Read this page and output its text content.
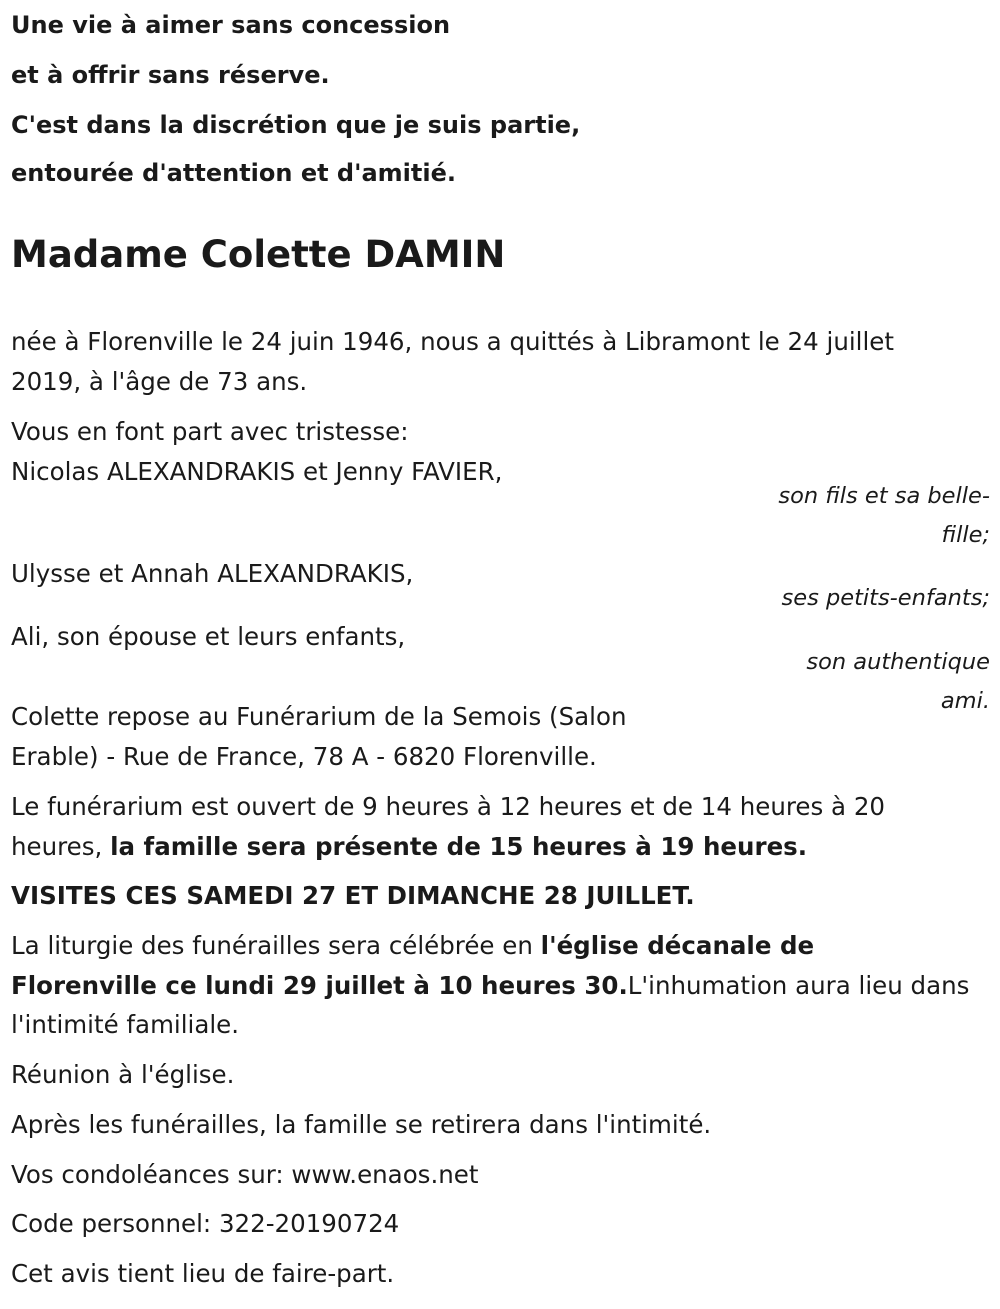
Une vie à aimer sans concession

et à offrir sans réserve.

C'est dans la discrétion que je suis partie,

entourée d'attention et d'amitié.

Madame Colette DAMIN

née à Florenville le 24 juin 1946, nous a quittés à Libramont le 24 juillet

2019, à l'âge de 73 ans.

Vous en font part avec tristesse:

Nicolas ALEXANDRAKIS et Jenny FAVIER,

son fils et sa belle-
fille;

Ulysse et Annah ALEXANDRAKIS,

ses petits-enfants;

Ali, son épouse et leurs enfants,

son authentique
ami.

Colette repose au Funérarium de la Semois (Salon

Erable) - Rue de France, 78 A - 6820 Florenville.

Le funérarium est ouvert de 9 heures à 12 heures et de 14 heures à 20

heures, la famille sera présente de 15 heures à 19 heures.

VISITES CES SAMEDI 27 ET DIMANCHE 28 JUILLET.

La liturgie des funérailles sera célébrée en l'église décanale de

Florenville ce lundi 29 juillet à 10 heures 30.L'inhumation aura lieu dans

l'intimité familiale.

Réunion à l'église.

Après les funérailles, la famille se retirera dans l'intimité.

Vos condoléances sur: www.enaos.net

Code personnel: 322-20190724

Cet avis tient lieu de faire-part.
